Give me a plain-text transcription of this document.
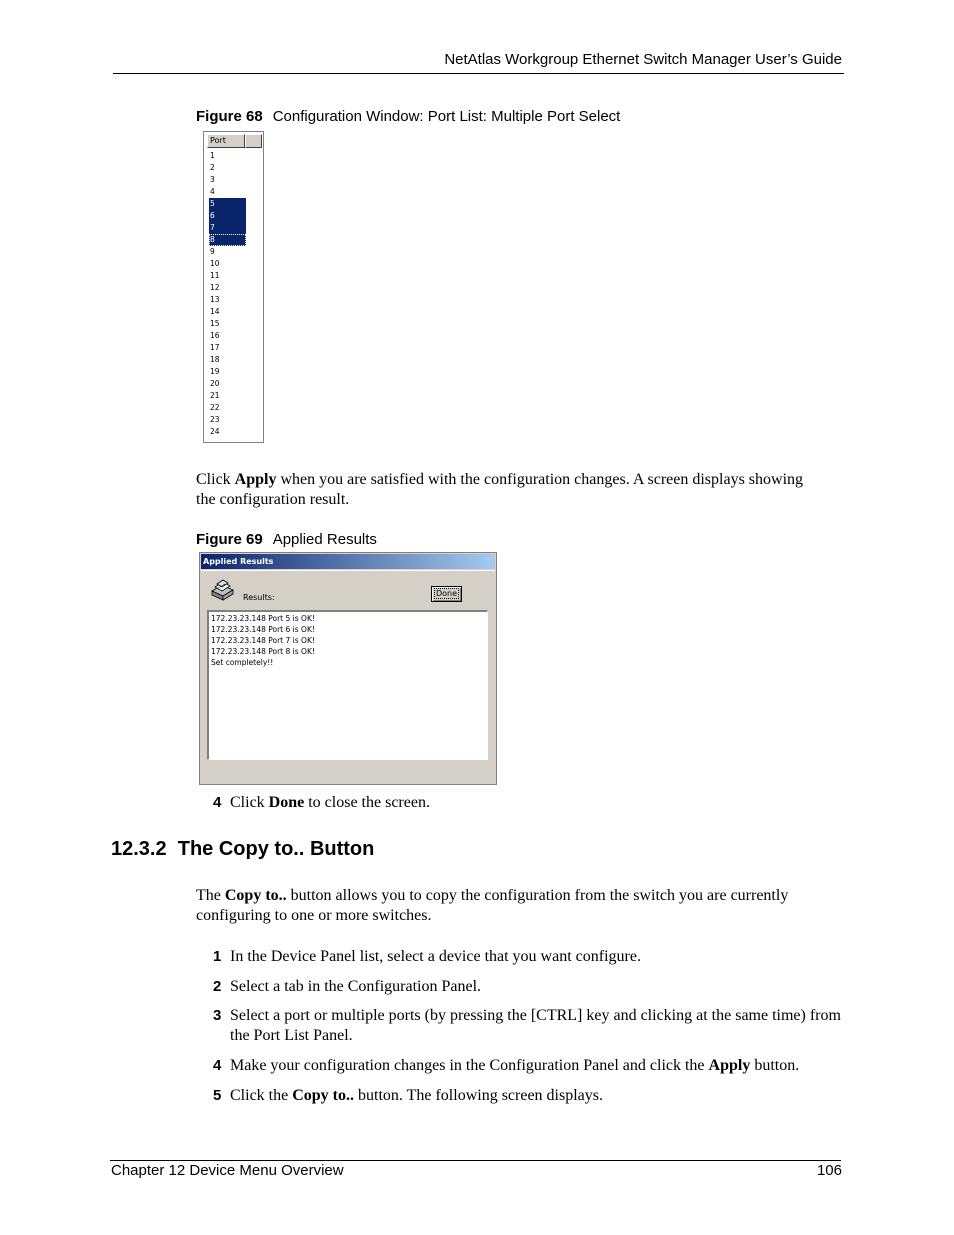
NetAtlas Workgroup Ethernet Switch Manager User’s Guide
Figure 68 Configuration Window: Port List: Multiple Port Select
Port
1
2
3
4
5
6
7
8
9
10
11
12
13
14
15
16
17
18
19
20
21
22
23
24

Click Apply when you are satisfied with the configuration changes. A screen displays showing the configuration result.

Figure 69 Applied Results
Applied Results
Results:	Done
172.23.23.148 Port 5 is OK!
172.23.23.148 Port 6 is OK!
172.23.23.148 Port 7 is OK!
172.23.23.148 Port 8 is OK!
Set completely!!
4 Click Done to close the screen.
12.3.2 The Copy to.. Button

The Copy to.. button allows you to copy the configuration from the switch you are currently configuring to one or more switches.

1 In the Device Panel list, select a device that you want configure.
2 Select a tab in the Configuration Panel.
3 Select a port or multiple ports (by pressing the [CTRL] key and clicking at the same time) from the Port List Panel.
4 Make your configuration changes in the Configuration Panel and click the Apply button.
5 Click the Copy to.. button. The following screen displays.
Chapter 12 Device Menu Overview	106
